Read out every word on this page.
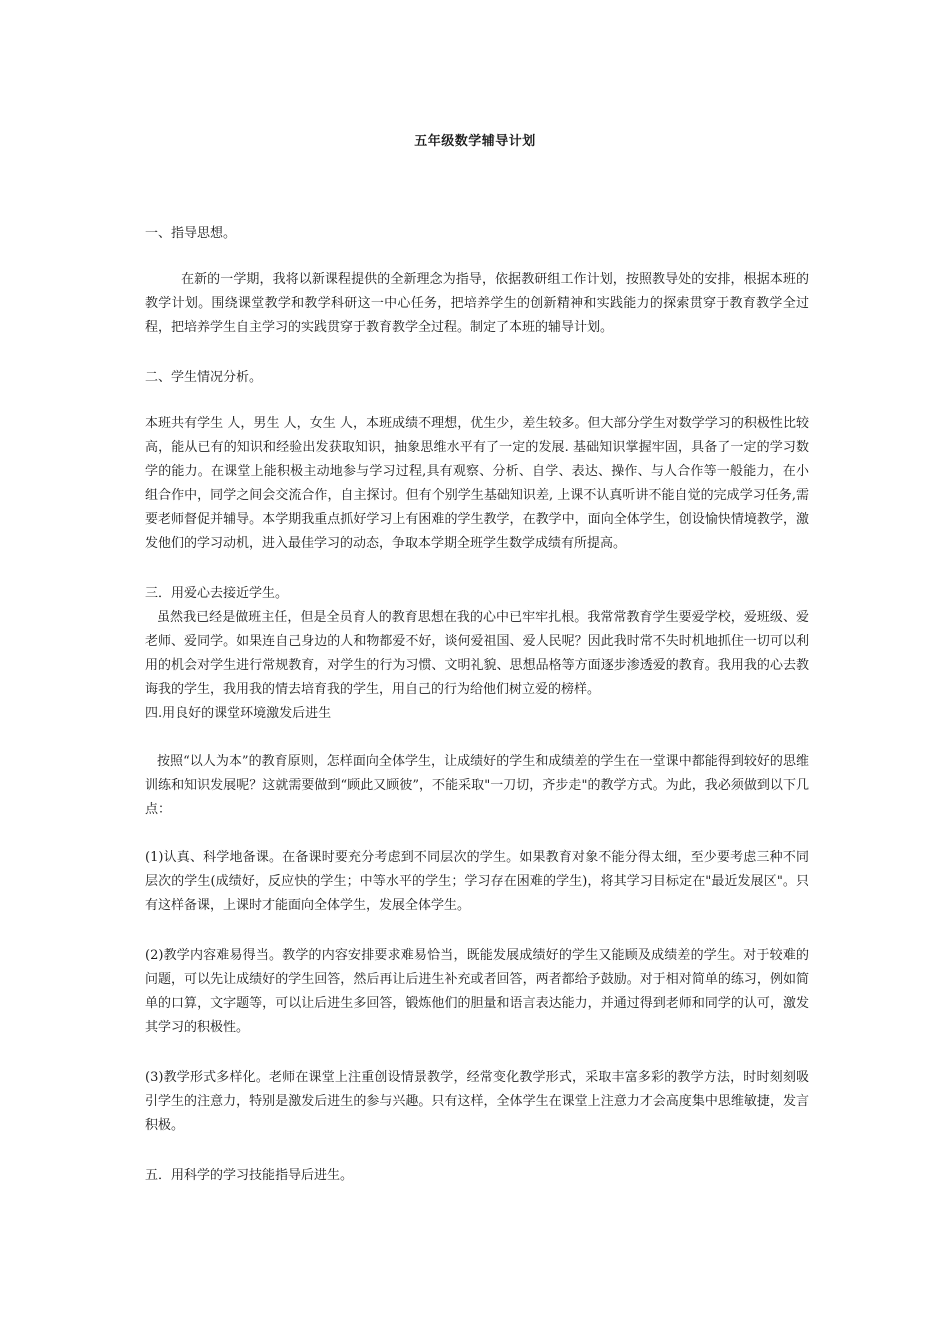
五年级数学辅导计划

一、指导思想。

在新的一学期，我将以新课程提供的全新理念为指导，依据教研组工作计划，按照教导处的安排，根据本班的教学计划。围绕课堂教学和教学科研这一中心任务，把培养学生的创新精神和实践能力的探索贯穿于教育教学全过程，把培养学生自主学习的实践贯穿于教育教学全过程。制定了本班的辅导计划。

二、学生情况分析。

本班共有学生 人，男生 人，女生 人，本班成绩不理想，优生少，差生较多。但大部分学生对数学学习的积极性比较高，能从已有的知识和经验出发获取知识，抽象思维水平有了一定的发展. 基础知识掌握牢固，具备了一定的学习数学的能力。在课堂上能积极主动地参与学习过程,具有观察、分析、自学、表达、操作、与人合作等一般能力，在小组合作中，同学之间会交流合作，自主探讨。但有个别学生基础知识差, 上课不认真听讲不能自觉的完成学习任务,需要老师督促并辅导。本学期我重点抓好学习上有困难的学生教学，在教学中，面向全体学生，创设愉快情境教学，激发他们的学习动机，进入最佳学习的动态，争取本学期全班学生数学成绩有所提高。

三．用爱心去接近学生。

虽然我已经是做班主任，但是全员育人的教育思想在我的心中已牢牢扎根。我常常教育学生要爱学校，爱班级、爱老师、爱同学。如果连自己身边的人和物都爱不好，谈何爱祖国、爱人民呢？因此我时常不失时机地抓住一切可以利用的机会对学生进行常规教育，对学生的行为习惯、文明礼貌、思想品格等方面逐步渗透爱的教育。我用我的心去教诲我的学生，我用我的情去培育我的学生，用自己的行为给他们树立爱的榜样。

四.用良好的课堂环境激发后进生

按照“以人为本”的教育原则，怎样面向全体学生，让成绩好的学生和成绩差的学生在一堂课中都能得到较好的思维训练和知识发展呢？这就需要做到“顾此又顾彼”，不能采取"一刀切，齐步走"的教学方式。为此，我必须做到以下几点：

(1)认真、科学地备课。在备课时要充分考虑到不同层次的学生。如果教育对象不能分得太细，至少要考虑三种不同层次的学生(成绩好，反应快的学生；中等水平的学生；学习存在困难的学生)，将其学习目标定在"最近发展区"。只有这样备课，上课时才能面向全体学生，发展全体学生。

(2)教学内容难易得当。教学的内容安排要求难易恰当，既能发展成绩好的学生又能顾及成绩差的学生。对于较难的问题，可以先让成绩好的学生回答，然后再让后进生补充或者回答，两者都给予鼓励。对于相对简单的练习，例如简单的口算，文字题等，可以让后进生多回答，锻炼他们的胆量和语言表达能力，并通过得到老师和同学的认可，激发其学习的积极性。

(3)教学形式多样化。老师在课堂上注重创设情景教学，经常变化教学形式，采取丰富多彩的教学方法，时时刻刻吸引学生的注意力，特别是激发后进生的参与兴趣。只有这样，全体学生在课堂上注意力才会高度集中思维敏捷，发言积极。

五．用科学的学习技能指导后进生。
